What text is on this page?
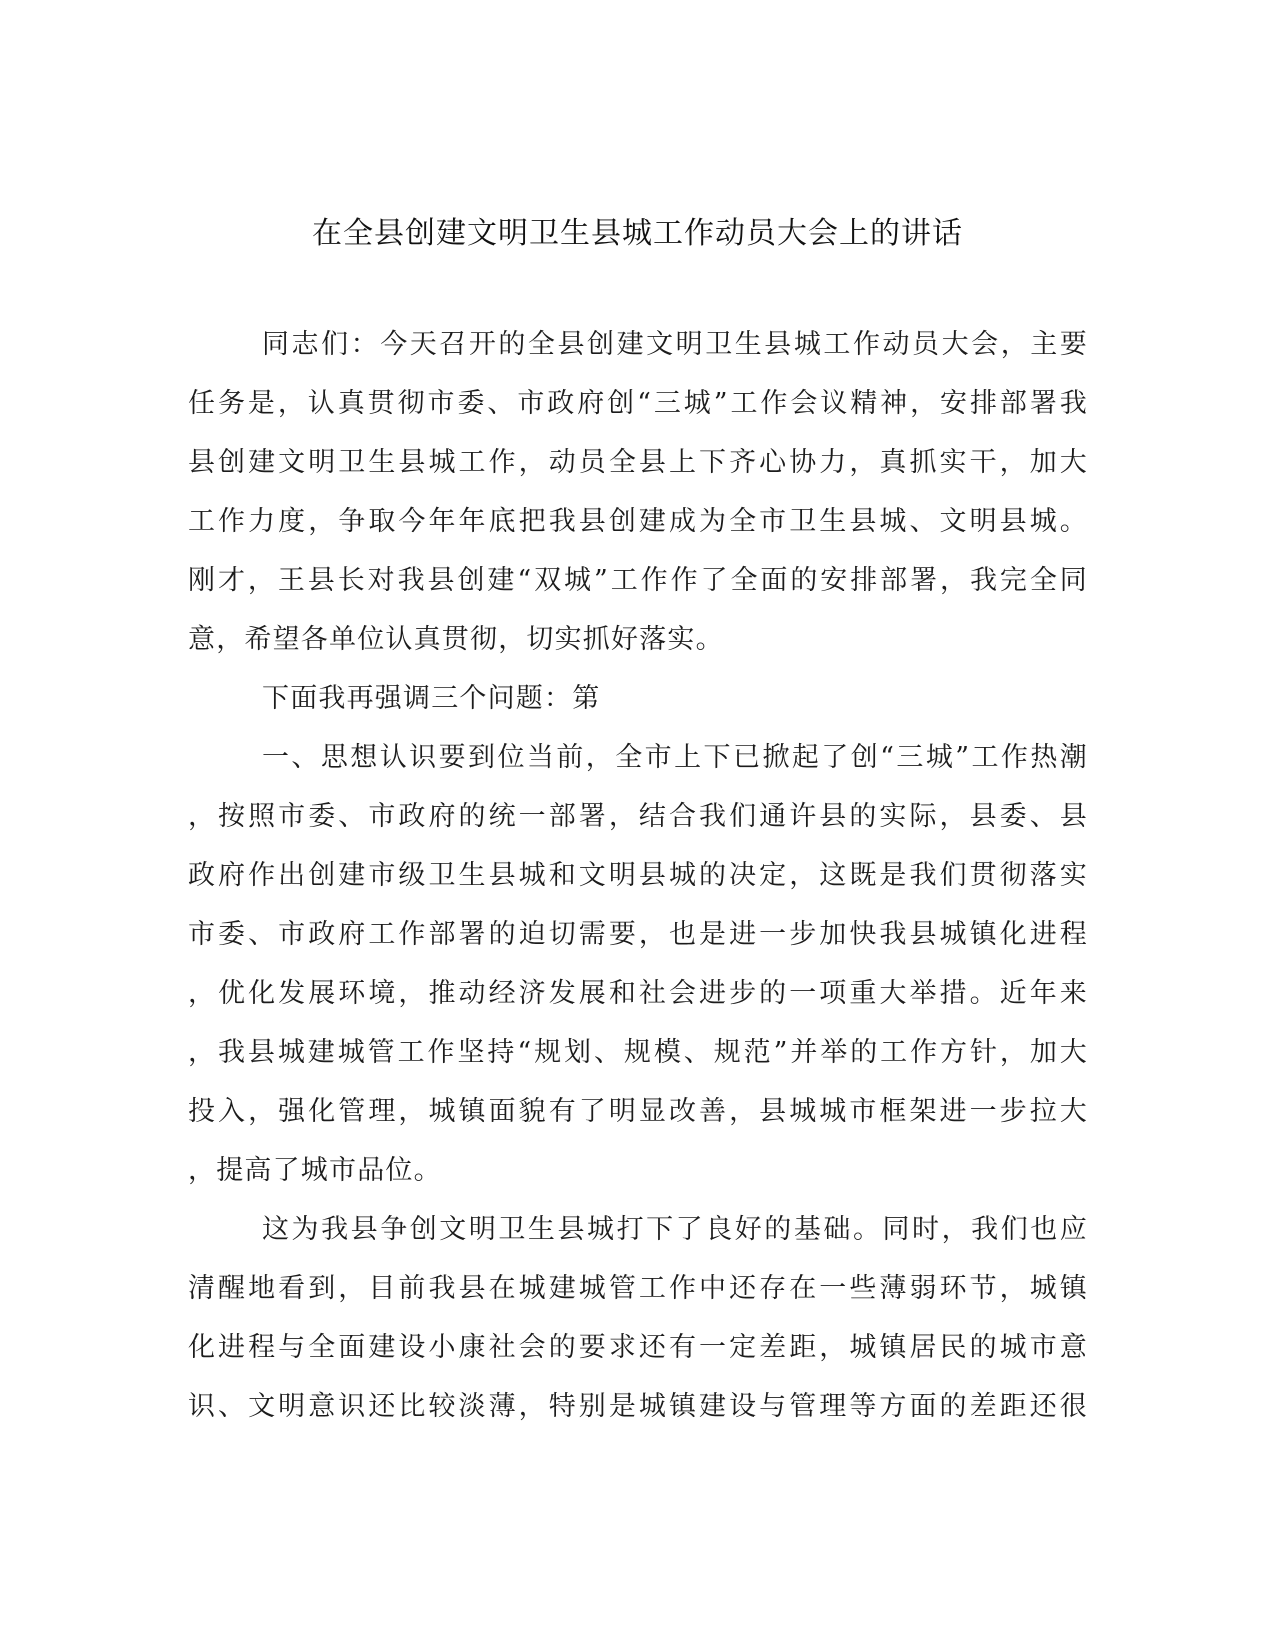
在全县创建文明卫生县城工作动员大会上的讲话
同志们：今天召开的全县创建文明卫生县城工作动员大会，主要
任务是，认真贯彻市委、市政府创“三城”工作会议精神，安排部署我
县创建文明卫生县城工作，动员全县上下齐心协力，真抓实干，加大
工作力度，争取今年年底把我县创建成为全市卫生县城、文明县城。
刚才，王县长对我县创建“双城”工作作了全面的安排部署，我完全同
意，希望各单位认真贯彻，切实抓好落实。
下面我再强调三个问题：第
一、思想认识要到位当前，全市上下已掀起了创“三城”工作热潮
，按照市委、市政府的统一部署，结合我们通许县的实际，县委、县
政府作出创建市级卫生县城和文明县城的决定，这既是我们贯彻落实
市委、市政府工作部署的迫切需要，也是进一步加快我县城镇化进程
，优化发展环境，推动经济发展和社会进步的一项重大举措。近年来
，我县城建城管工作坚持“规划、规模、规范”并举的工作方针，加大
投入，强化管理，城镇面貌有了明显改善，县城城市框架进一步拉大
，提高了城市品位。
这为我县争创文明卫生县城打下了良好的基础。同时，我们也应
清醒地看到，目前我县在城建城管工作中还存在一些薄弱环节，城镇
化进程与全面建设小康社会的要求还有一定差距，城镇居民的城市意
识、文明意识还比较淡薄，特别是城镇建设与管理等方面的差距还很
